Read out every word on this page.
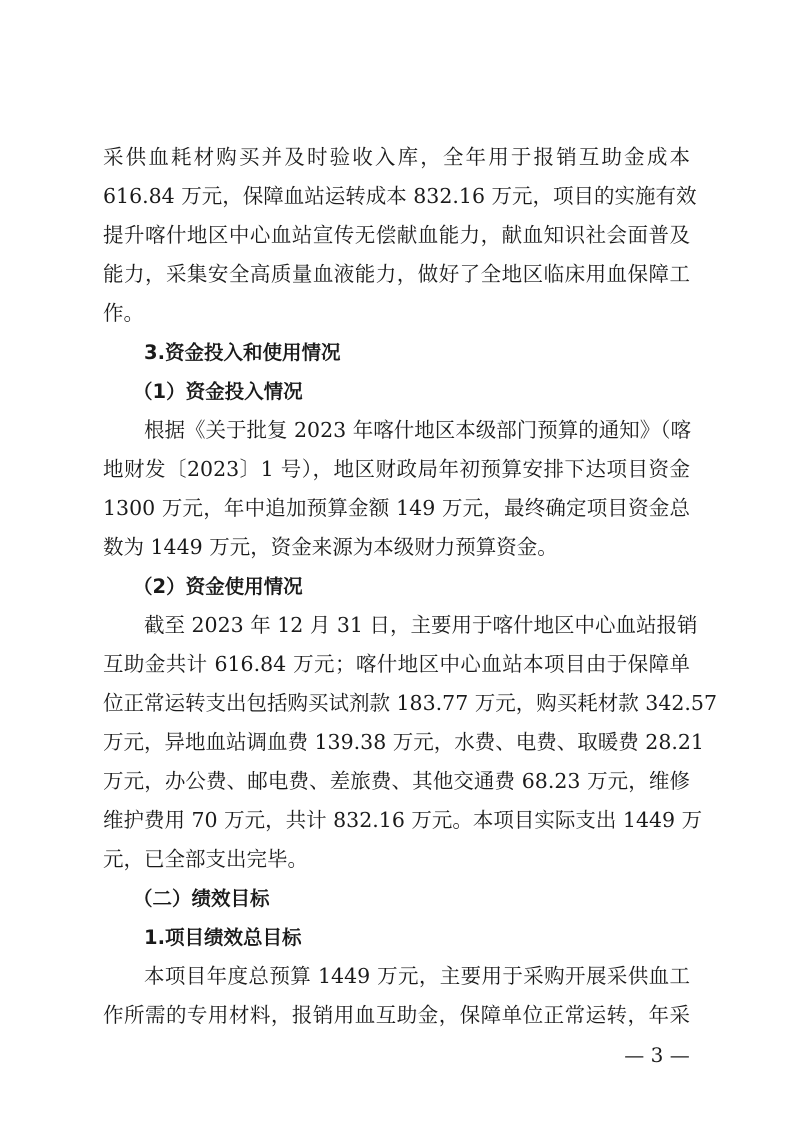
采供血耗材购买并及时验收入库，全年用于报销互助金成本
616.84 万元，保障血站运转成本 832.16 万元，项目的实施有效
提升喀什地区中心血站宣传无偿献血能力，献血知识社会面普及
能力，采集安全高质量血液能力，做好了全地区临床用血保障工
作。
3.资金投入和使用情况
（1）资金投入情况
根据《关于批复 2023 年喀什地区本级部门预算的通知》（喀
地财发〔2023〕1 号），地区财政局年初预算安排下达项目资金
1300 万元，年中追加预算金额 149 万元，最终确定项目资金总
数为 1449 万元，资金来源为本级财力预算资金。
（2）资金使用情况
截至 2023 年 12 月 31 日，主要用于喀什地区中心血站报销
互助金共计 616.84 万元；喀什地区中心血站本项目由于保障单
位正常运转支出包括购买试剂款 183.77 万元，购买耗材款 342.57
万元，异地血站调血费 139.38 万元，水费、电费、取暖费 28.21
万元，办公费、邮电费、差旅费、其他交通费 68.23 万元，维修
维护费用 70 万元，共计 832.16 万元。本项目实际支出 1449 万
元，已全部支出完毕。
（二）绩效目标
1.项目绩效总目标
本项目年度总预算 1449 万元，主要用于采购开展采供血工
作所需的专用材料，报销用血互助金，保障单位正常运转，年采
— 3 —
